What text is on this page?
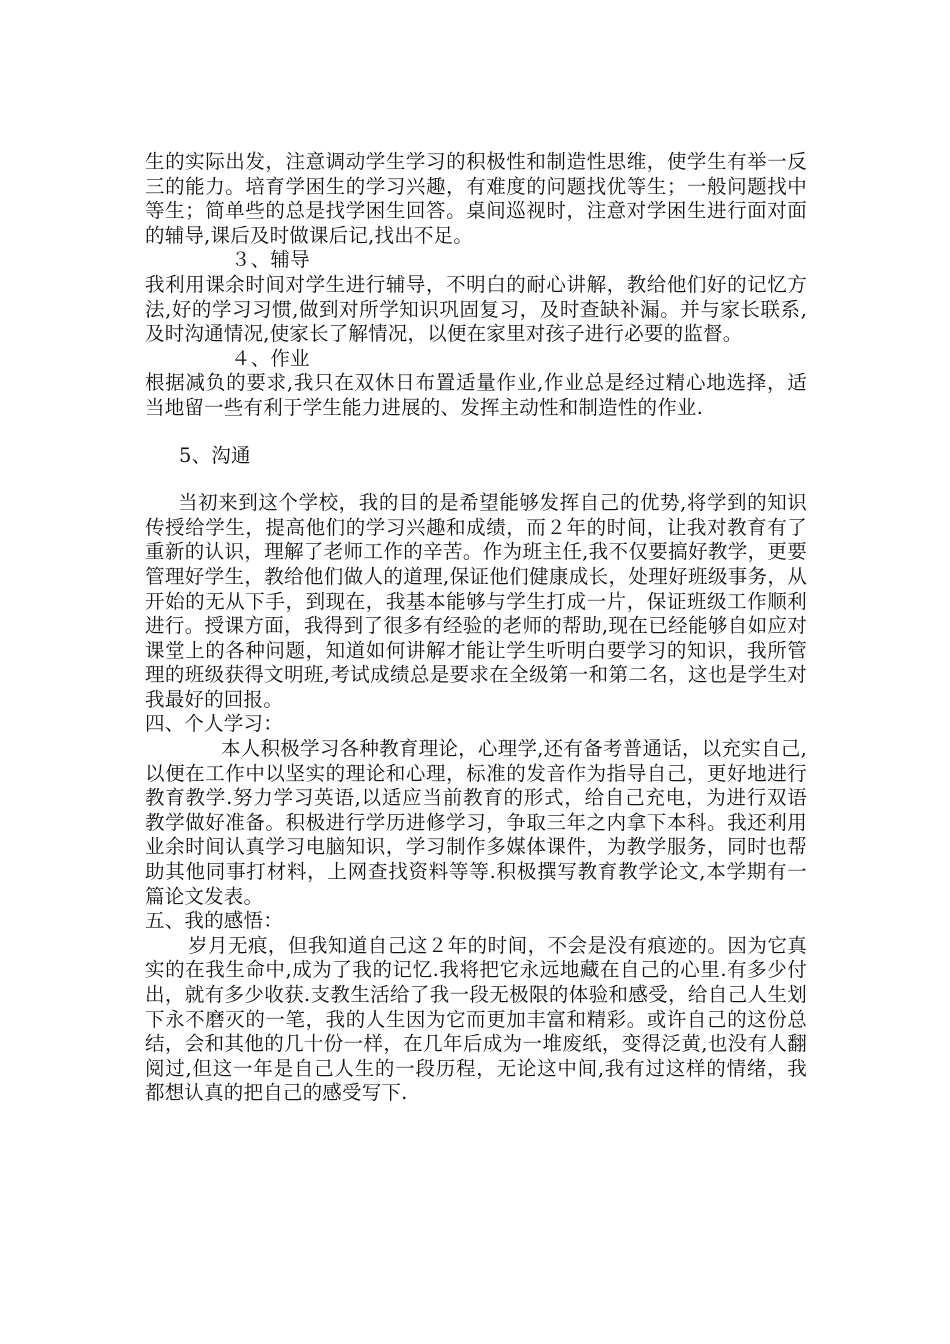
生的实际出发，注意调动学生学习的积极性和制造性思维，使学生有举一反三的能力。培育学困生的学习兴趣，有难度的问题找优等生；一般问题找中等生；简单些的总是找学困生回答。桌间巡视时，注意对学困生进行面对面的辅导,课后及时做课后记,找出不足。

３、辅导

我利用课余时间对学生进行辅导，不明白的耐心讲解，教给他们好的记忆方法,好的学习习惯,做到对所学知识巩固复习，及时查缺补漏。并与家长联系,及时沟通情况,使家长了解情况，以便在家里对孩子进行必要的监督。

４、作业

根据减负的要求,我只在双休日布置适量作业,作业总是经过精心地选择，适当地留一些有利于学生能力进展的、发挥主动性和制造性的作业.

5、沟通

当初来到这个学校，我的目的是希望能够发挥自己的优势,将学到的知识传授给学生，提高他们的学习兴趣和成绩，而２年的时间，让我对教育有了重新的认识，理解了老师工作的辛苦。作为班主任,我不仅要搞好教学，更要管理好学生，教给他们做人的道理,保证他们健康成长，处理好班级事务，从开始的无从下手，到现在，我基本能够与学生打成一片，保证班级工作顺利进行。授课方面，我得到了很多有经验的老师的帮助,现在已经能够自如应对课堂上的各种问题，知道如何讲解才能让学生听明白要学习的知识，我所管理的班级获得文明班,考试成绩总是要求在全级第一和第二名，这也是学生对我最好的回报。

四、个人学习：

本人积极学习各种教育理论，心理学,还有备考普通话，以充实自己,以便在工作中以坚实的理论和心理，标准的发音作为指导自己，更好地进行教育教学.努力学习英语,以适应当前教育的形式，给自己充电，为进行双语教学做好准备。积极进行学历进修学习，争取三年之内拿下本科。我还利用业余时间认真学习电脑知识，学习制作多媒体课件，为教学服务，同时也帮助其他同事打材料，上网查找资料等等.积极撰写教育教学论文,本学期有一篇论文发表。

五、我的感悟：

岁月无痕，但我知道自己这２年的时间，不会是没有痕迹的。因为它真实的在我生命中,成为了我的记忆.我将把它永远地藏在自己的心里.有多少付出，就有多少收获.支教生活给了我一段无极限的体验和感受，给自己人生划下永不磨灭的一笔，我的人生因为它而更加丰富和精彩。或许自己的这份总结，会和其他的几十份一样，在几年后成为一堆废纸，变得泛黄,也没有人翻阅过,但这一年是自己人生的一段历程，无论这中间,我有过这样的情绪，我都想认真的把自己的感受写下.
